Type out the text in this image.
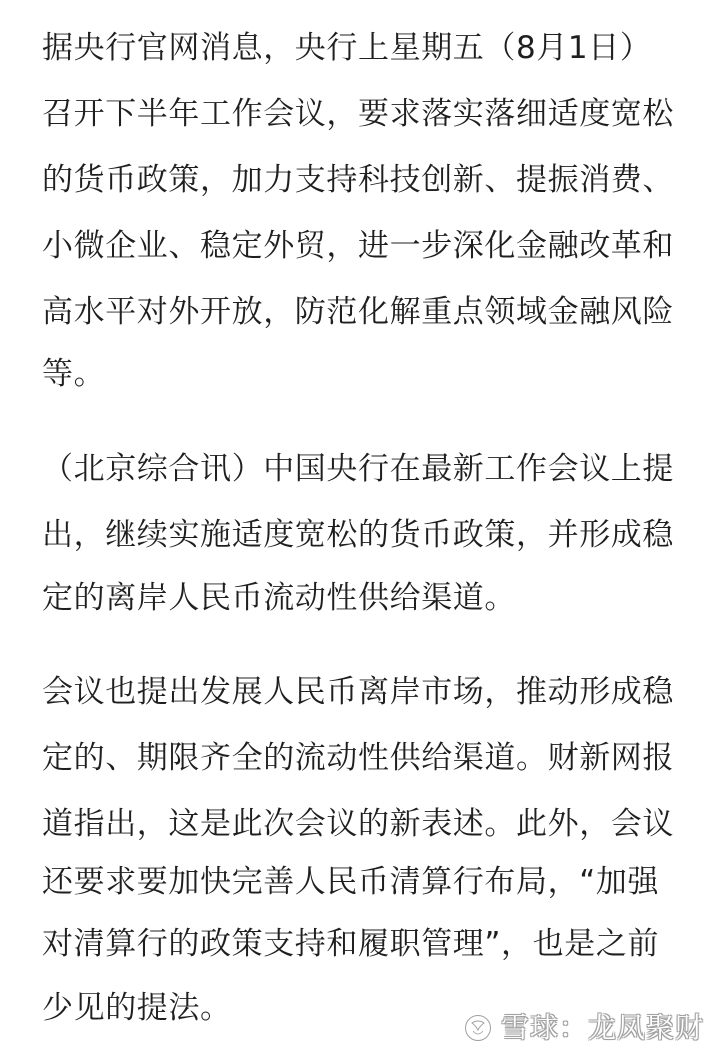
据央行官网消息，央行上星期五（8月1日）
召开下半年工作会议，要求落实落细适度宽松
的货币政策，加力支持科技创新、提振消费、
小微企业、稳定外贸，进一步深化金融改革和
高水平对外开放，防范化解重点领域金融风险
等。
（北京综合讯）中国央行在最新工作会议上提
出，继续实施适度宽松的货币政策，并形成稳
定的离岸人民币流动性供给渠道。
会议也提出发展人民币离岸市场，推动形成稳
定的、期限齐全的流动性供给渠道。财新网报
道指出，这是此次会议的新表述。此外，会议
还要求要加快完善人民币清算行布局，“加强
对清算行的政策支持和履职管理”，也是之前
少见的提法。
雪球：龙凤聚财
